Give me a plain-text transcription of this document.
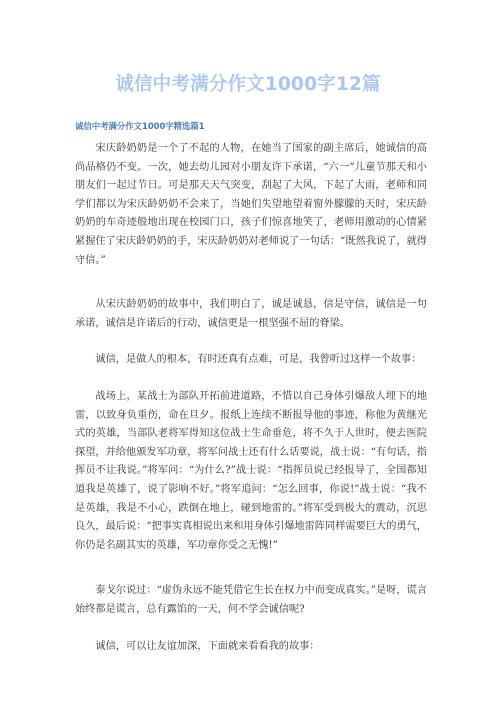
诚信中考满分作文1000字12篇
诚信中考满分作文1000字精选篇1

宋庆龄奶奶是一个了不起的人物，在她当了国家的副主席后，她诚信的高尚品格仍不变。一次，她去幼儿园对小朋友许下承诺，“六一”儿童节那天和小朋友们一起过节日。可是那天天气突变，刮起了大风，下起了大雨，老师和同学们都以为宋庆龄奶奶不会来了，当她们失望地望着窗外朦朦的天时，宋庆龄奶奶的车奇迹般地出现在校园门口，孩子们惊喜地笑了，老师用激动的心情紧紧握住了宋庆龄奶奶的手，宋庆龄奶奶对老师说了一句话：“既然我说了，就得守信。”

从宋庆龄奶奶的故事中，我们明白了，诚是诚恳，信是守信，诚信是一句承诺，诚信是许诺后的行动，诚信更是一根坚强不屈的脊梁。

诚信，是做人的根本，有时还真有点难，可是，我曾听过这样一个故事：

战场上，某战士为部队开拓前进道路，不惜以自己身体引爆敌人埋下的地雷，以致身负重伤，命在旦夕。报纸上连续不断报导他的事迹，称他为黄继光式的英雄，当部队老将军得知这位战士生命垂危，将不久于人世时，便去医院探望，并给他颁发军功章，将军问战士还有什么话要说，战士说：“有句话，指挥员不让我说。”将军问：“为什么?”战士说：“指挥员说已经报导了，全国都知道我是英雄了，说了影响不好。”将军追问：“怎么回事，你说!”战士说：“我不是英雄，我是不小心，跌倒在地上，碰到地雷的。”将军受到极大的震动，沉思良久，最后说：“把事实真相说出来和用身体引爆地雷阵同样需要巨大的勇气，你仍是名副其实的英雄，军功章你受之无愧!”

泰戈尔说过：“虚伪永远不能凭借它生长在权力中而变成真实。”是呀，谎言始终都是谎言，总有露馅的一天，何不学会诚信呢?

诚信，可以让友谊加深，下面就来看看我的故事：
